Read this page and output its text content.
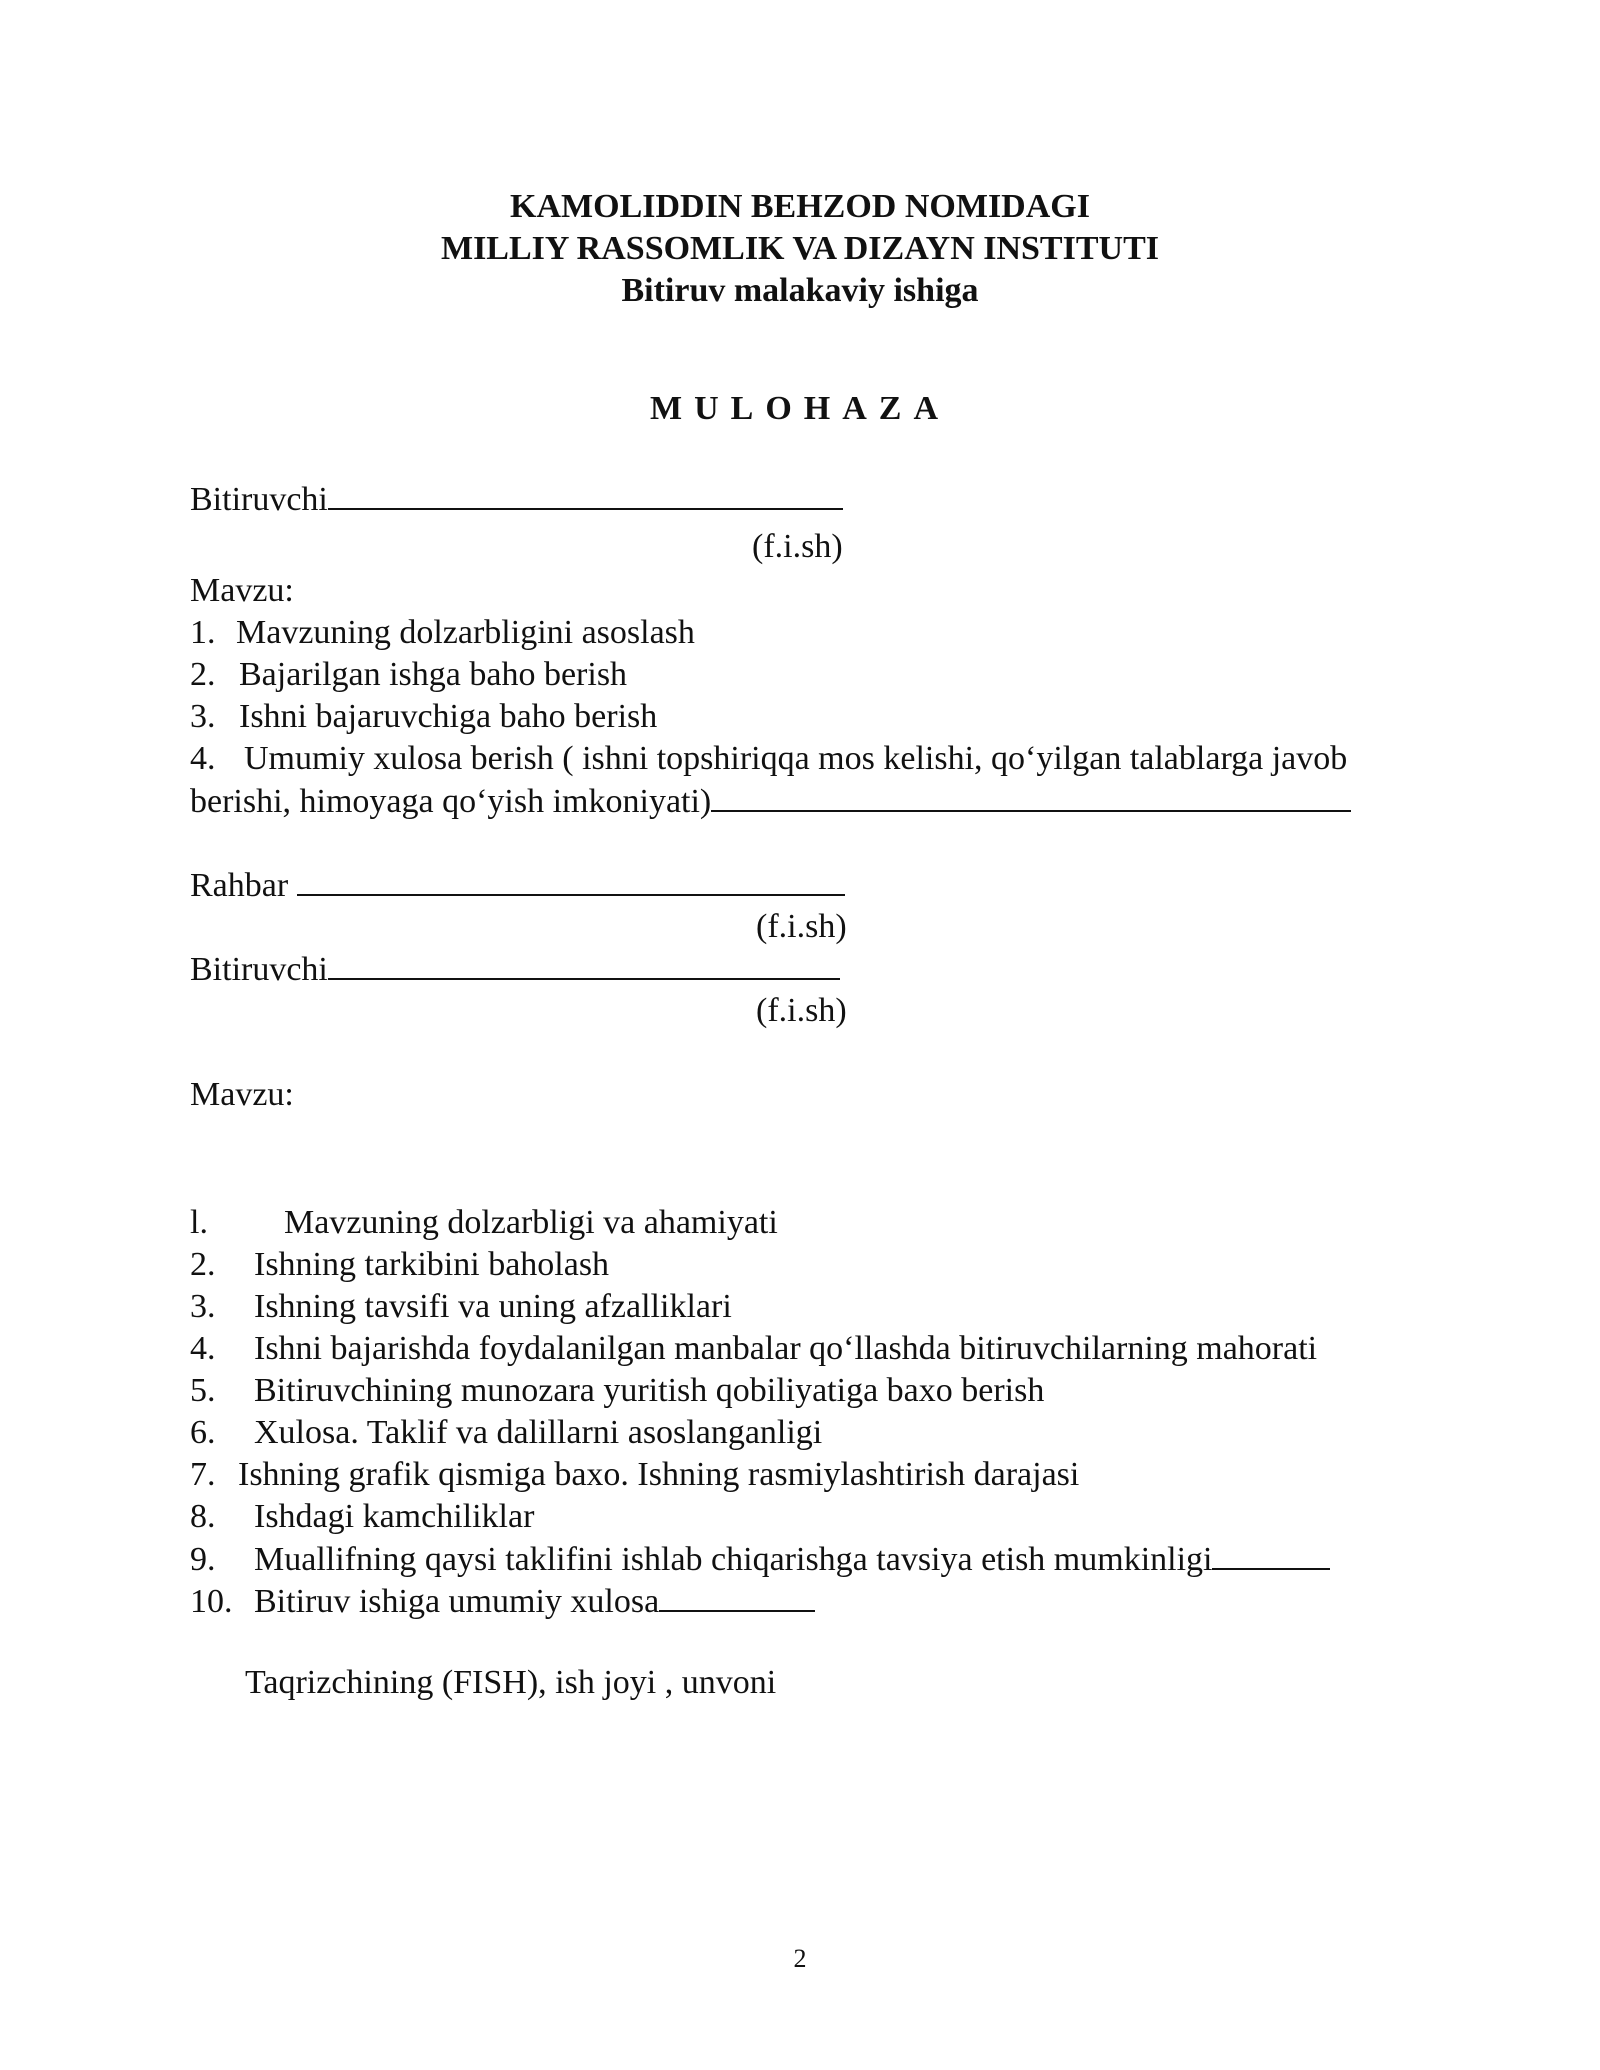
KAMOLIDDIN BEHZOD NOMIDAGI
MILLIY RASSOMLIK VA DIZAYN INSTITUTI
Bitiruv malakaviy ishiga
MULOHAZA
Bitiruvchi
(f.i.sh)
Mavzu:
1. Mavzuning dolzarbligini asoslash
2. Bajarilgan ishga baho berish
3. Ishni bajaruvchiga baho berish
4. Umumiy xulosa berish ( ishni topshiriqqa mos kelishi, qo‘yilgan talablarga javob
berishi, himoyaga qo‘yish imkoniyati)
Rahbar
(f.i.sh)
Bitiruvchi
(f.i.sh)
Mavzu:
l. Mavzuning dolzarbligi va ahamiyati
2. Ishning tarkibini baholash
3. Ishning tavsifi va uning afzalliklari
4. Ishni bajarishda foydalanilgan manbalar qo‘llashda bitiruvchilarning mahorati
5. Bitiruvchining munozara yuritish qobiliyatiga baxo berish
6. Xulosa. Taklif va dalillarni asoslanganligi
7. Ishning grafik qismiga baxo. Ishning rasmiylashtirish darajasi
8. Ishdagi kamchiliklar
9. Muallifning qaysi taklifini ishlab chiqarishga tavsiya etish mumkinligi
10. Bitiruv ishiga umumiy xulosa
Taqrizchining (FISH), ish joyi , unvoni
2
